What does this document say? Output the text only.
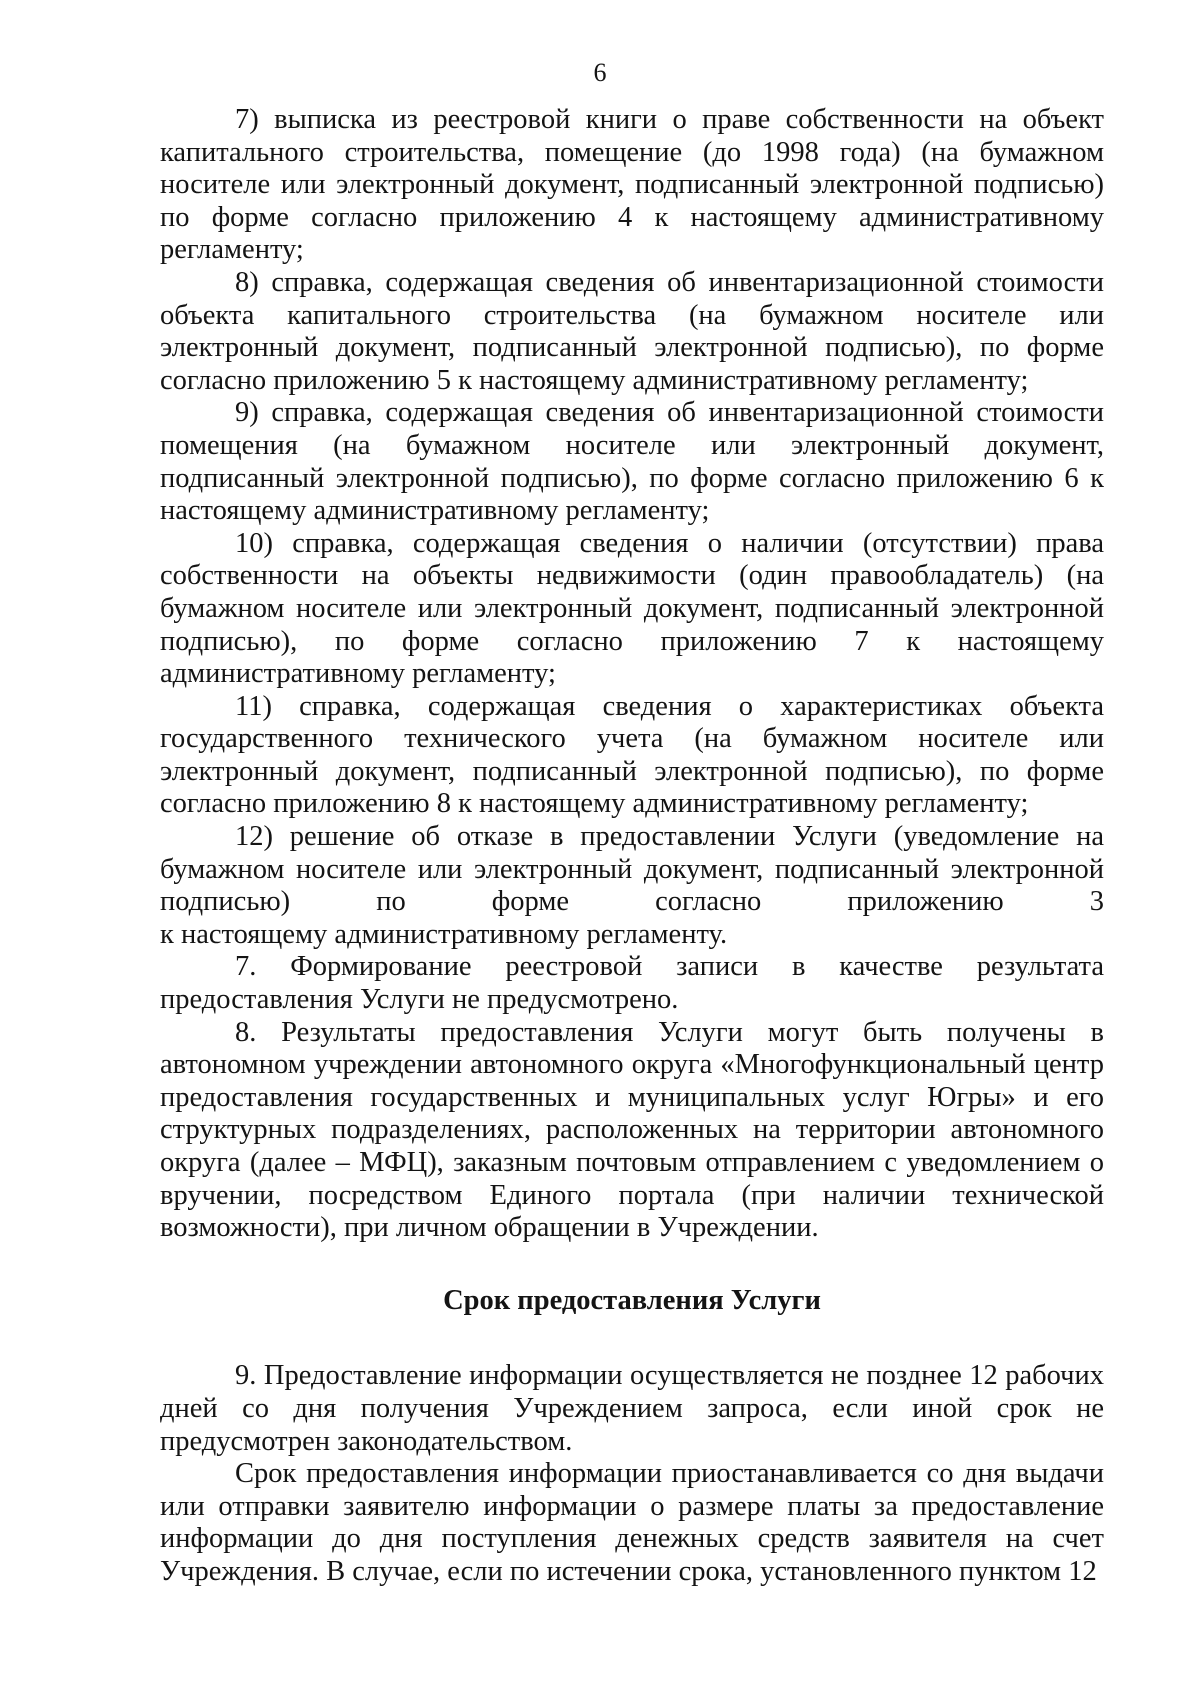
6

7) выписка из реестровой книги о праве собственности на объект капитального строительства, помещение (до 1998 года) (на бумажном носителе или электронный документ, подписанный электронной подписью) по форме согласно приложению 4 к настоящему административному регламенту;

8) справка, содержащая сведения об инвентаризационной стоимости объекта капитального строительства (на бумажном носителе или электронный документ, подписанный электронной подписью), по форме согласно приложению 5 к настоящему административному регламенту;

9) справка, содержащая сведения об инвентаризационной стоимости помещения (на бумажном носителе или электронный документ, подписанный электронной подписью), по форме согласно приложению 6 к настоящему административному регламенту;

10) справка, содержащая сведения о наличии (отсутствии) права собственности на объекты недвижимости (один правообладатель) (на бумажном носителе или электронный документ, подписанный электронной подписью), по форме согласно приложению 7 к настоящему административному регламенту;

11) справка, содержащая сведения о характеристиках объекта государственного технического учета (на бумажном носителе или электронный документ, подписанный электронной подписью), по форме согласно приложению 8 к настоящему административному регламенту;

12) решение об отказе в предоставлении Услуги (уведомление на бумажном носителе или электронный документ, подписанный электронной подписью) по форме согласно приложению 3

к настоящему административному регламенту.

7. Формирование реестровой записи в качестве результата предоставления Услуги не предусмотрено.

8. Результаты предоставления Услуги могут быть получены в автономном учреждении автономного округа «Многофункциональный центр предоставления государственных и муниципальных услуг Югры» и его структурных подразделениях, расположенных на территории автономного округа (далее – МФЦ), заказным почтовым отправлением с уведомлением о вручении, посредством Единого портала (при наличии технической возможности), при личном обращении в Учреждении.

Срок предоставления Услуги

9. Предоставление информации осуществляется не позднее 12 рабочих дней со дня получения Учреждением запроса, если иной срок не предусмотрен законодательством.

Срок предоставления информации приостанавливается со дня выдачи или отправки заявителю информации о размере платы за предоставление информации до дня поступления денежных средств заявителя на счет Учреждения. В случае, если по истечении срока, установленного пунктом 12
